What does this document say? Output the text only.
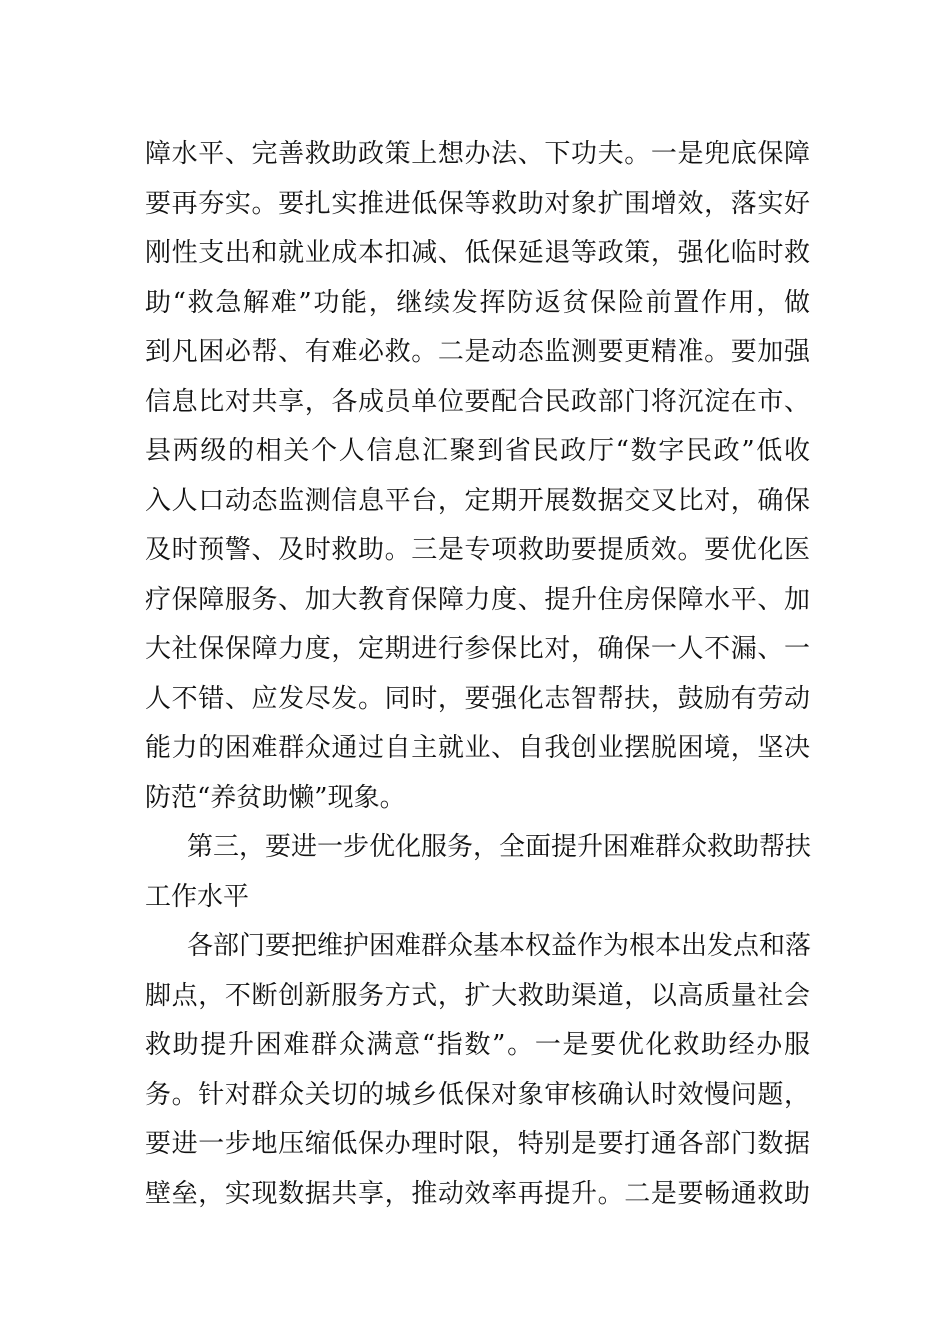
障水平、完善救助政策上想办法、下功夫。一是兜底保障
要再夯实。要扎实推进低保等救助对象扩围增效，落实好
刚性支出和就业成本扣减、低保延退等政策，强化临时救
助“救急解难”功能，继续发挥防返贫保险前置作用，做
到凡困必帮、有难必救。二是动态监测要更精准。要加强
信息比对共享，各成员单位要配合民政部门将沉淀在市、
县两级的相关个人信息汇聚到省民政厅“数字民政”低收
入人口动态监测信息平台，定期开展数据交叉比对，确保
及时预警、及时救助。三是专项救助要提质效。要优化医
疗保障服务、加大教育保障力度、提升住房保障水平、加
大社保保障力度，定期进行参保比对，确保一人不漏、一
人不错、应发尽发。同时，要强化志智帮扶，鼓励有劳动
能力的困难群众通过自主就业、自我创业摆脱困境，坚决
防范“养贫助懒”现象。
第三，要进一步优化服务，全面提升困难群众救助帮扶
工作水平
各部门要把维护困难群众基本权益作为根本出发点和落
脚点，不断创新服务方式，扩大救助渠道，以高质量社会
救助提升困难群众满意“指数”。一是要优化救助经办服
务。针对群众关切的城乡低保对象审核确认时效慢问题，
要进一步地压缩低保办理时限，特别是要打通各部门数据
壁垒，实现数据共享，推动效率再提升。二是要畅通救助
